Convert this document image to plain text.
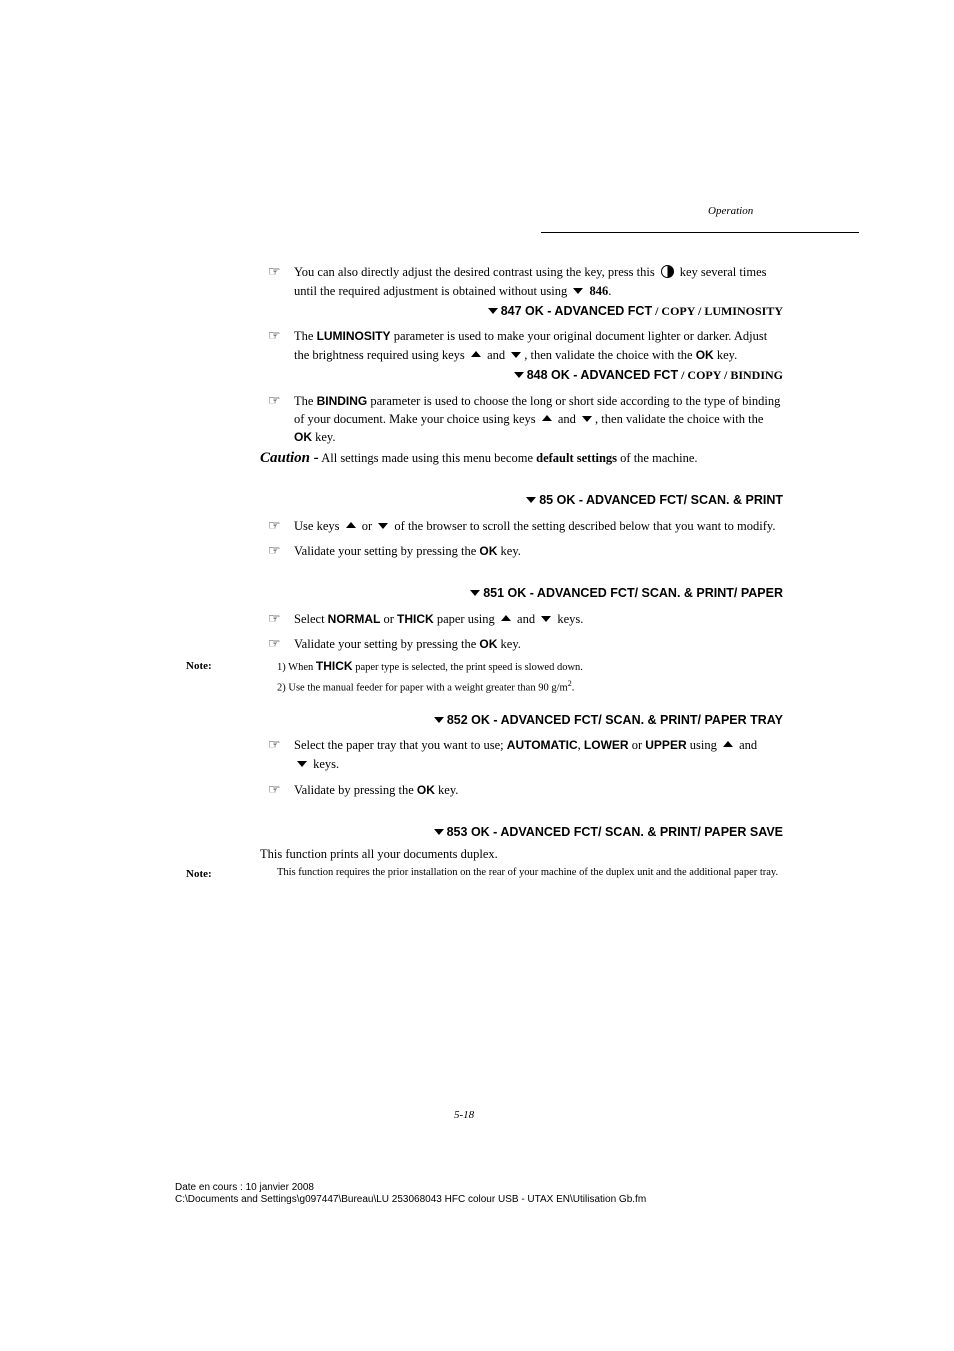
Operation
☞ You can also directly adjust the desired contrast using the key, press this key several times
until the required adjustment is obtained without using 846.
847 OK - ADVANCED FCT / COPY / LUMINOSITY
☞ The LUMINOSITY parameter is used to make your original document lighter or darker. Adjust
the brightness required using keys and , then validate the choice with the OK key.
848 OK - ADVANCED FCT / COPY / BINDING
☞ The BINDING parameter is used to choose the long or short side according to the type of binding
of your document. Make your choice using keys and , then validate the choice with the
OK key.
Caution - All settings made using this menu become default settings of the machine.
85 OK - ADVANCED FCT/ SCAN. & PRINT
☞ Use keys or of the browser to scroll the setting described below that you want to modify.
☞ Validate your setting by pressing the OK key.
851 OK - ADVANCED FCT/ SCAN. & PRINT/ PAPER
☞ Select NORMAL or THICK paper using and keys.
☞ Validate your setting by pressing the OK key.
Note:	1) When THICK paper type is selected, the print speed is slowed down.
2) Use the manual feeder for paper with a weight greater than 90 $g/m^2$.
852 OK - ADVANCED FCT/ SCAN. & PRINT/ PAPER TRAY
☞ Select the paper tray that you want to use; AUTOMATIC, LOWER or UPPER using and
keys.
☞ Validate by pressing the OK key.
853 OK - ADVANCED FCT/ SCAN. & PRINT/ PAPER SAVE
This function prints all your documents duplex.
Note:	This function requires the prior installation on the rear of your machine of the duplex unit and the additional paper tray.
5-18
Date en cours : 10 janvier 2008
C:\Documents and Settings\g097447\Bureau\LU 253068043 HFC colour USB - UTAX EN\Utilisation Gb.fm
